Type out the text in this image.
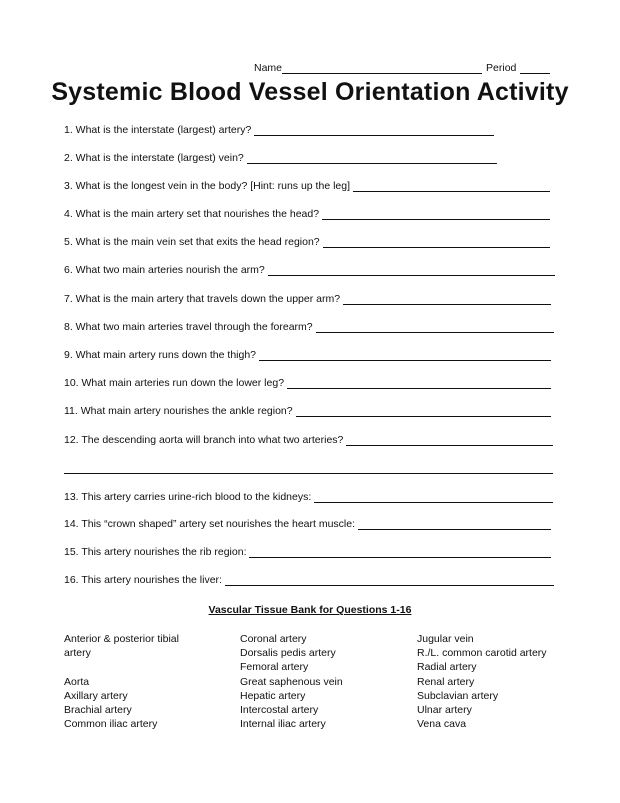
Name	Period
Systemic Blood Vessel Orientation Activity
1. What is the interstate (largest) artery?
2. What is the interstate (largest) vein?
3. What is the longest vein in the body? [Hint: runs up the leg]
4. What is the main artery set that nourishes the head?
5. What is the main vein set that exits the head region?
6. What two main arteries nourish the arm?
7. What is the main artery that travels down the upper arm?
8. What two main arteries travel through the forearm?
9. What main artery runs down the thigh?
10. What main arteries run down the lower leg?
11. What main artery nourishes the ankle region?
12. The descending aorta will branch into what two arteries?
13. This artery carries urine-rich blood to the kidneys:
14. This “crown shaped” artery set nourishes the heart muscle:
15. This artery nourishes the rib region:
16. This artery nourishes the liver:
Vascular Tissue Bank for Questions 1-16
Anterior & posterior tibial
artery
Aorta
Axillary artery
Brachial artery
Common iliac artery
Coronal artery
Dorsalis pedis artery
Femoral artery
Great saphenous vein
Hepatic artery
Intercostal artery
Internal iliac artery
Jugular vein
R./L. common carotid artery
Radial artery
Renal artery
Subclavian artery
Ulnar artery
Vena cava
